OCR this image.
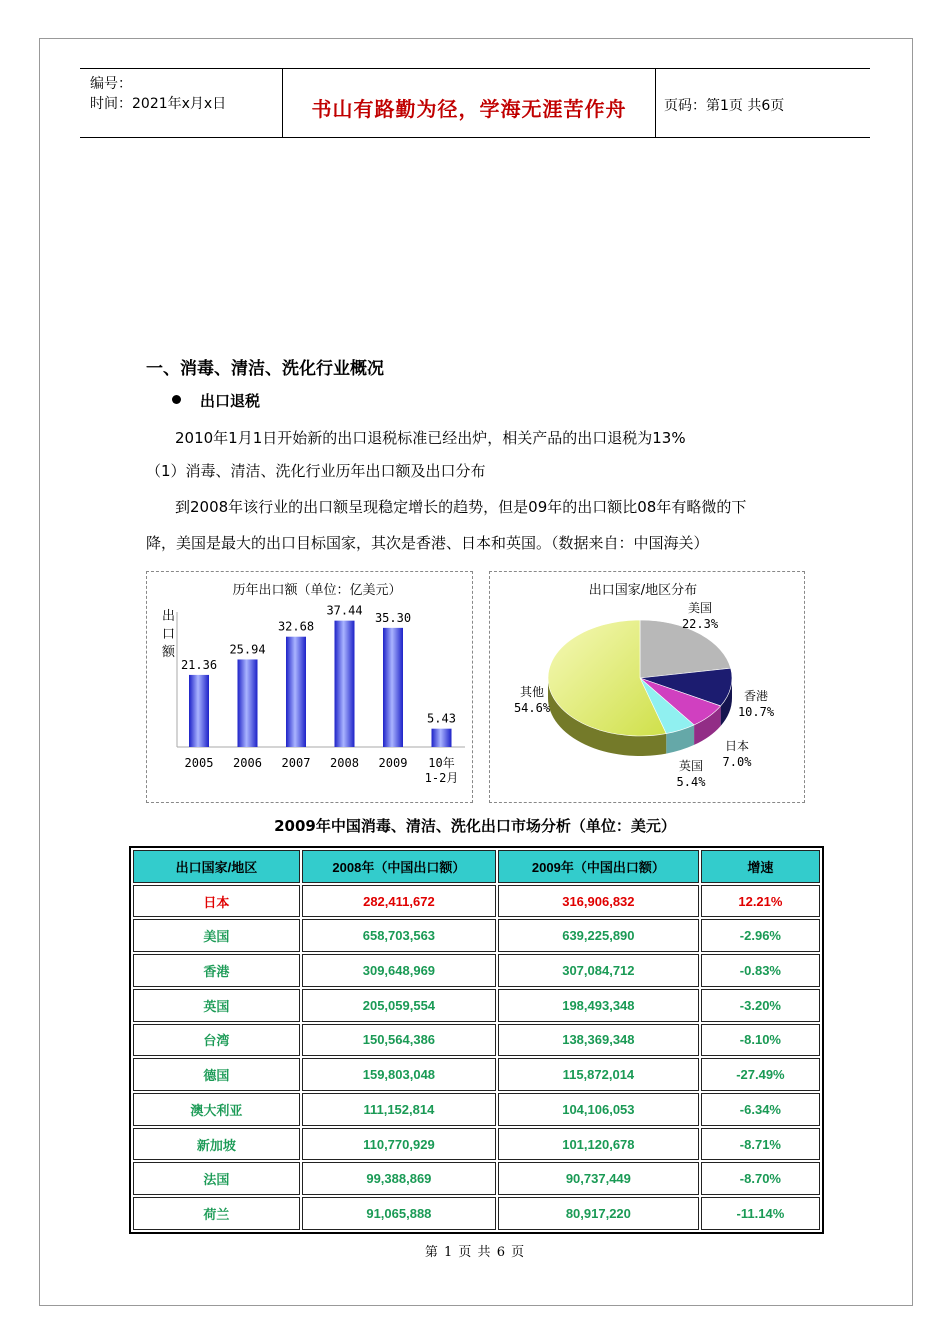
编号：
时间：2021年x月x日	书山有路勤为径，学海无涯苦作舟	页码：第1页 共6页
一、消毒、清洁、洗化行业概况
出口退税
2010年1月1日开始新的出口退税标准已经出炉，相关产品的出口退税为13%
（1）消毒、清洁、洗化行业历年出口额及出口分布
到2008年该行业的出口额呈现稳定增长的趋势，但是09年的出口额比08年有略微的下
降，美国是最大的出口目标国家，其次是香港、日本和英国。（数据来自：中国海关）
历年出口额（单位：亿美元）
出口额
21.36
2005
25.94
2006
32.68
2007
37.44
2008
35.30
2009
5.43
10年 1-2月
出口国家/地区分布
美国 22.3%
香港 10.7%
日本 7.0%
英国 5.4%
其他 54.6%
2009年中国消毒、清洁、洗化出口市场分析（单位：美元）
出口国家/地区	2008年（中国出口额）	2009年（中国出口额）	增速
日本	282,411,672	316,906,832	12.21%
美国	658,703,563	639,225,890	-2.96%
香港	309,648,969	307,084,712	-0.83%
英国	205,059,554	198,493,348	-3.20%
台湾	150,564,386	138,369,348	-8.10%
德国	159,803,048	115,872,014	-27.49%
澳大利亚	111,152,814	104,106,053	-6.34%
新加坡	110,770,929	101,120,678	-8.71%
法国	99,388,869	90,737,449	-8.70%
荷兰	91,065,888	80,917,220	-11.14%
第 1 页 共 6 页
